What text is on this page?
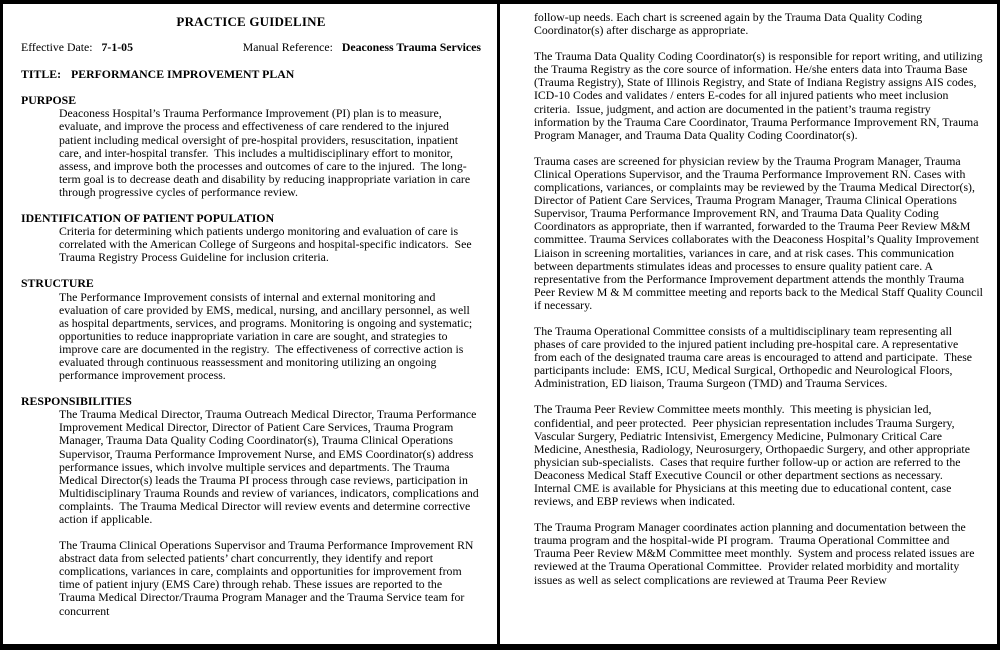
PRACTICE GUIDELINE
Effective Date: 7-1-05	Manual Reference: Deaconess Trauma Services
TITLE: PERFORMANCE IMPROVEMENT PLAN
PURPOSE

Deaconess Hospital’s Trauma Performance Improvement (PI) plan is to measure, evaluate, and improve the process and effectiveness of care rendered to the injured patient including medical oversight of pre-hospital providers, resuscitation, inpatient care, and inter-hospital transfer.  This includes a multidisciplinary effort to monitor, assess, and improve both the processes and outcomes of care to the injured.  The long-term goal is to decrease death and disability by reducing inappropriate variation in care through progressive cycles of performance review.

IDENTIFICATION OF PATIENT POPULATION

Criteria for determining which patients undergo monitoring and evaluation of care is correlated with the American College of Surgeons and hospital-specific indicators.  See Trauma Registry Process Guideline for inclusion criteria.

STRUCTURE

The Performance Improvement consists of internal and external monitoring and evaluation of care provided by EMS, medical, nursing, and ancillary personnel, as well as hospital departments, services, and programs. Monitoring is ongoing and systematic; opportunities to reduce inappropriate variation in care are sought, and strategies to improve care are documented in the registry.  The effectiveness of corrective action is evaluated through continuous reassessment and monitoring utilizing an ongoing performance improvement process.

RESPONSIBILITIES

The Trauma Medical Director, Trauma Outreach Medical Director, Trauma Performance Improvement Medical Director, Director of Patient Care Services, Trauma Program Manager, Trauma Data Quality Coding Coordinator(s), Trauma Clinical Operations Supervisor, Trauma Performance Improvement Nurse, and EMS Coordinator(s) address performance issues, which involve multiple services and departments. The Trauma Medical Director(s) leads the Trauma PI process through case reviews, participation in Multidisciplinary Trauma Rounds and review of variances, indicators, complications and complaints.  The Trauma Medical Director will review events and determine corrective action if applicable.

The Trauma Clinical Operations Supervisor and Trauma Performance Improvement RN abstract data from selected patients’ chart concurrently, they identify and report complications, variances in care, complaints and opportunities for improvement from time of patient injury (EMS Care) through rehab. These issues are reported to the Trauma Medical Director/Trauma Program Manager and the Trauma Service team for concurrent

follow-up needs. Each chart is screened again by the Trauma Data Quality Coding Coordinator(s) after discharge as appropriate.

The Trauma Data Quality Coding Coordinator(s) is responsible for report writing, and utilizing the Trauma Registry as the core source of information. He/she enters data into Trauma Base (Trauma Registry), State of Illinois Registry, and State of Indiana Registry assigns AIS codes, ICD-10 Codes and validates / enters E-codes for all injured patients who meet inclusion criteria.  Issue, judgment, and action are documented in the patient’s trauma registry information by the Trauma Care Coordinator, Trauma Performance Improvement RN, Trauma Program Manager, and Trauma Data Quality Coding Coordinator(s).

Trauma cases are screened for physician review by the Trauma Program Manager, Trauma Clinical Operations Supervisor, and the Trauma Performance Improvement RN. Cases with complications, variances, or complaints may be reviewed by the Trauma Medical Director(s), Director of Patient Care Services, Trauma Program Manager, Trauma Clinical Operations Supervisor, Trauma Performance Improvement RN, and Trauma Data Quality Coding Coordinators as appropriate, then if warranted, forwarded to the Trauma Peer Review M&M committee. Trauma Services collaborates with the Deaconess Hospital’s Quality Improvement Liaison in screening mortalities, variances in care, and at risk cases. This communication between departments stimulates ideas and processes to ensure quality patient care. A representative from the Performance Improvement department attends the monthly Trauma Peer Review M & M committee meeting and reports back to the Medical Staff Quality Council if necessary.

The Trauma Operational Committee consists of a multidisciplinary team representing all phases of care provided to the injured patient including pre-hospital care. A representative from each of the designated trauma care areas is encouraged to attend and participate.  These participants include:  EMS, ICU, Medical Surgical, Orthopedic and Neurological Floors, Administration, ED liaison, Trauma Surgeon (TMD) and Trauma Services.

The Trauma Peer Review Committee meets monthly.  This meeting is physician led, confidential, and peer protected.  Peer physician representation includes Trauma Surgery, Vascular Surgery, Pediatric Intensivist, Emergency Medicine, Pulmonary Critical Care Medicine, Anesthesia, Radiology, Neurosurgery, Orthopaedic Surgery, and other appropriate physician sub-specialists.  Cases that require further follow-up or action are referred to the Deaconess Medical Staff Executive Council or other department sections as necessary.  Internal CME is available for Physicians at this meeting due to educational content, case reviews, and EBP reviews when indicated.

The Trauma Program Manager coordinates action planning and documentation between the trauma program and the hospital-wide PI program.  Trauma Operational Committee and Trauma Peer Review M&M Committee meet monthly.  System and process related issues are reviewed at the Trauma Operational Committee.  Provider related morbidity and mortality issues as well as select complications are reviewed at Trauma Peer Review
